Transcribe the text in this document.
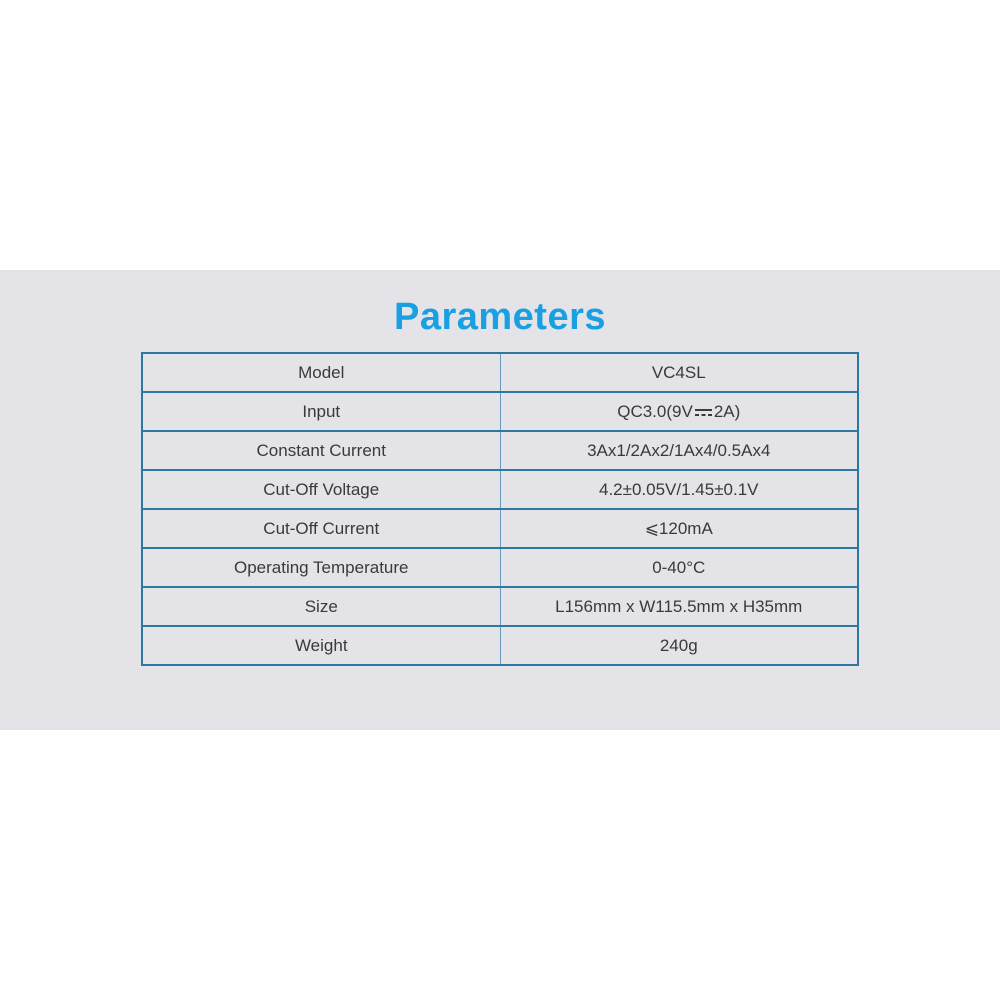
Parameters
Model	VC4SL
Input	QC3.0(9V 2A)
Constant Current	3Ax1/2Ax2/1Ax4/0.5Ax4
Cut-Off Voltage	4.2±0.05V/1.45±0.1V
Cut-Off Current	⩽120mA
Operating Temperature	0-40°C
Size	L156mm x W115.5mm x H35mm
Weight	240g
